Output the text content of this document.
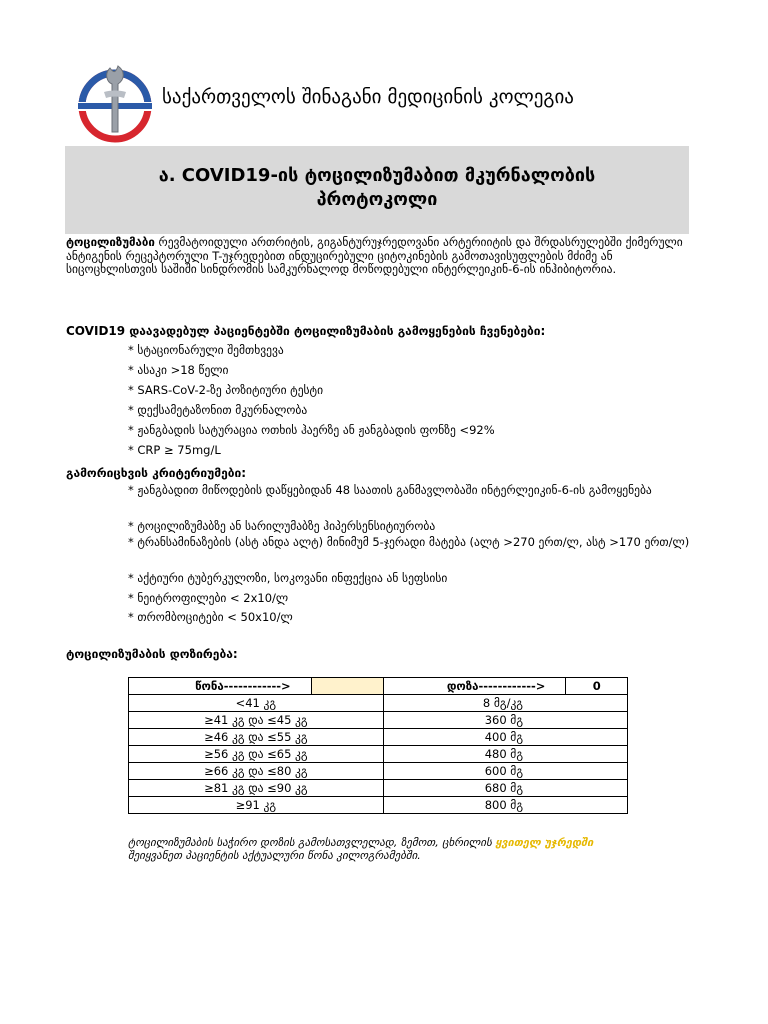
საქართველოს შინაგანი მედიცინის კოლეგია
ა. COVID19-ის ტოცილიზუმაბით მკურნალობის პროტოკოლი
ტოცილიზუმაბი რევმატოიდული ართრიტის, გიგანტურუჯრედოვანი არტერიიტის და შრდასრულებში ქიმერული ანტიგენის რეცეპტორული T-უჯრედებით ინდუცირებული ციტოკინების გამოთავისუფლების მძიმე ან სიცოცხლისთვის საშიში სინდრომის სამკურნალოდ მოწოდებული ინტერლეიკინ-6-ის ინჰიბიტორია.
COVID19 დაავადებულ პაციენტებში ტოცილიზუმაბის გამოყენების ჩვენებები:
* სტაციონარული შემთხვევა
* ასაკი >18 წელი
* SARS-CoV-2-ზე პოზიტიური ტესტი
* დექსამეტაზონით მკურნალობა
* ჟანგბადის სატურაცია ოთხის ჰაერზე ან ჟანგბადის ფონზე <92%
* CRP ≥ 75mg/L
გამორიცხვის კრიტერიუმები:
* ჟანგბადით მიწოდების დაწყებიდან 48 საათის განმავლობაში ინტერლეიკინ-6-ის გამოყენება
* ტოცილიზუმაბზე ან სარილუმაბზე ჰიპერსენსიტიურობა
* ტრანსამინაზების (ასტ ანდა ალტ) მინიმუმ 5-ჯერადი მატება (ალტ >270 ერთ/ლ, ასტ >170 ერთ/ლ)
* აქტიური ტუბერკულოზი, სოკოვანი ინფექცია ან სეფსისი
* ნეიტროფილები < 2x10/ლ
* თრომბოციტები < 50x10/ლ
ტოცილიზუმაბის დოზირება:
წონა------------>		დოზა------------>	0
<41 კგ		8 მგ/კგ	
≥41 კგ და ≤45 კგ		360 მგ	
≥46 კგ და ≤55 კგ		400 მგ	
≥56 კგ და ≤65 კგ		480 მგ	
≥66 კგ და ≤80 კგ		600 მგ	
≥81 კგ და ≤90 კგ		680 მგ	
≥91 კგ		800 მგ	
ტოცილიზუმაბის საჭირო დოზის გამოსათვლელად, ზემოთ, ცხრილის ყვითელ უჯრედში შეიყვანეთ პაციენტის აქტუალური წონა კილოგრამებში.
